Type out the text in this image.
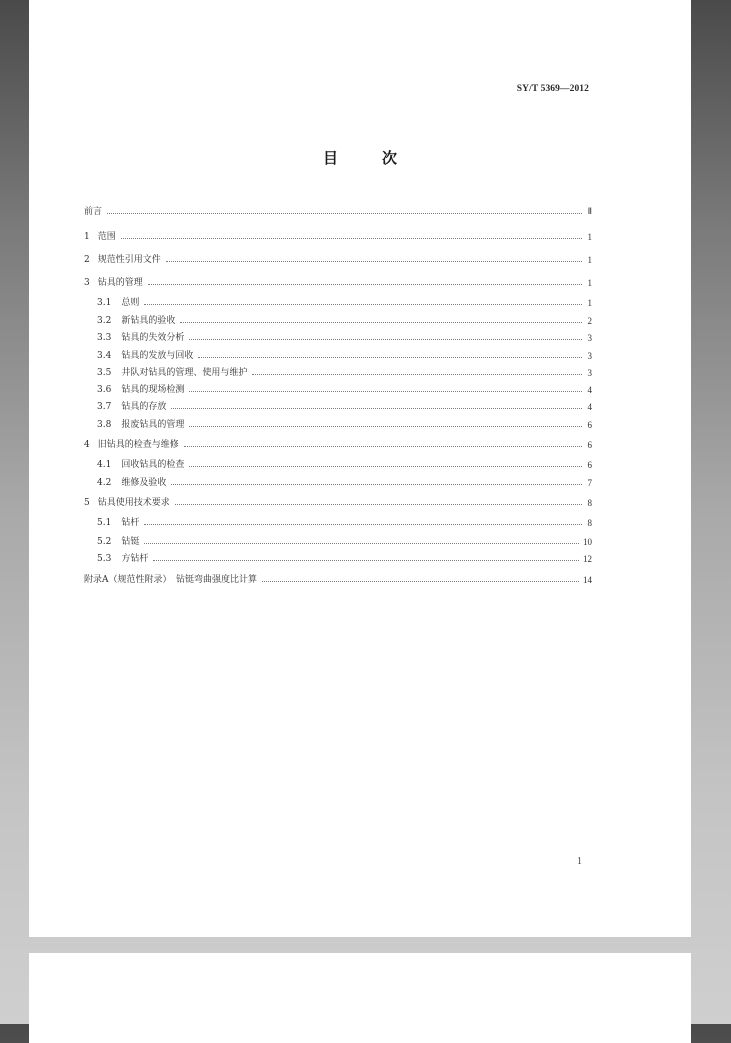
SY/T 5369—2012
目	次
前言	Ⅱ
1 范围	1
2 规范性引用文件	1
3 钻具的管理	1
3.1 总则	1
3.2 新钻具的验收	2
3.3 钻具的失效分析	3
3.4 钻具的发放与回收	3
3.5 井队对钻具的管理、使用与维护	3
3.6 钻具的现场检测	4
3.7 钻具的存放	4
3.8 报废钻具的管理	6
4 旧钻具的检查与维修	6
4.1 回收钻具的检查	6
4.2 维修及验收	7
5 钻具使用技术要求	8
5.1 钻杆	8
5.2 钻铤	10
5.3 方钻杆	12
附录A（规范性附录）　钻铤弯曲强度比计算	14
1
